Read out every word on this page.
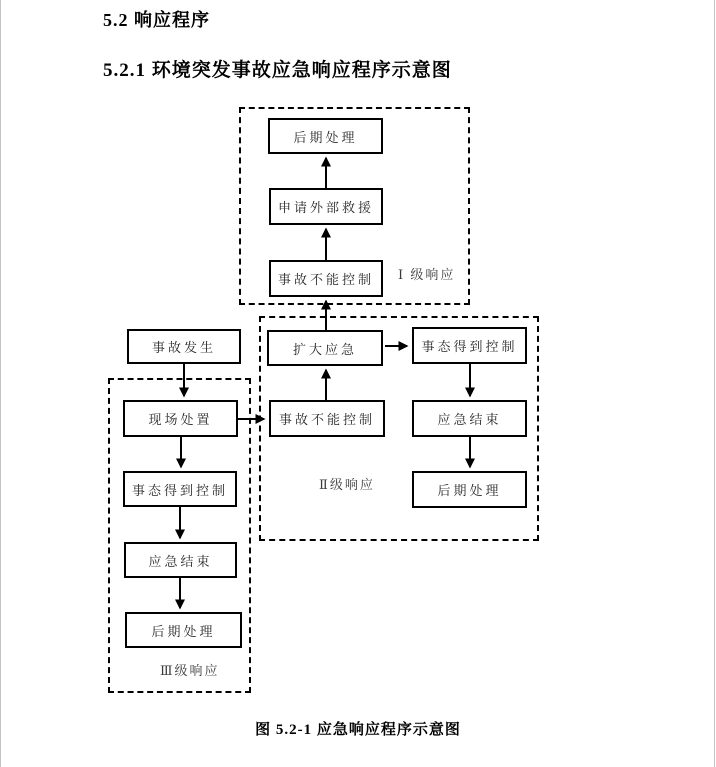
5.2 响应程序
5.2.1 环境突发事故应急响应程序示意图
后期处理
申请外部救援
事故不能控制
扩大应急
事故不能控制
事态得到控制
应急结束
后期处理
事故发生
现场处置
事态得到控制
应急结束
后期处理
Ⅰ 级响应
Ⅱ级响应
Ⅲ级响应
图 5.2-1 应急响应程序示意图
